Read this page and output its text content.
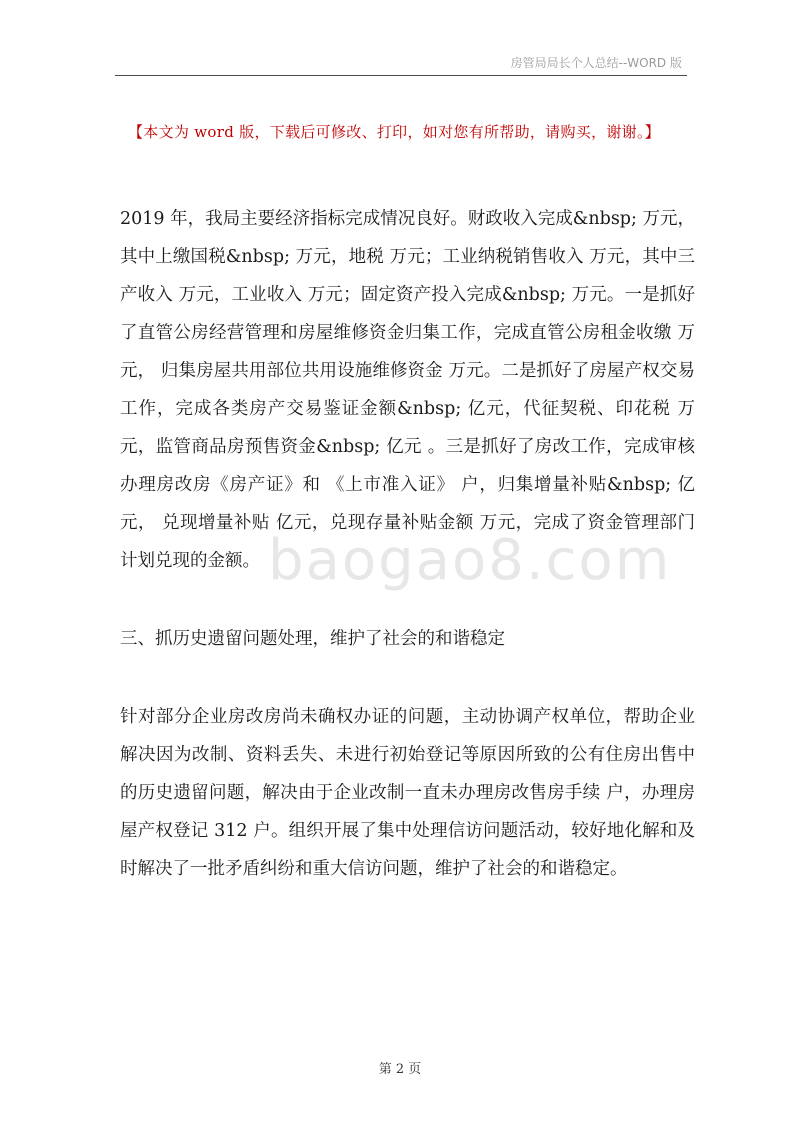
房管局局长个人总结--WORD 版
【本文为 word 版，下载后可修改、打印，如对您有所帮助，请购买，谢谢。】
baogao8.com

2019 年，我局主要经济指标完成情况良好。财政收入完成&nbsp; 万元，其中上缴国税&nbsp; 万元，地税 万元；工业纳税销售收入 万元，其中三产收入 万元，工业收入 万元；固定资产投入完成&nbsp; 万元。一是抓好了直管公房经营管理和房屋维修资金归集工作，完成直管公房租金收缴 万元， 归集房屋共用部位共用设施维修资金 万元。二是抓好了房屋产权交易工作，完成各类房产交易鉴证金额&nbsp; 亿元，代征契税、印花税 万元，监管商品房预售资金&nbsp; 亿元 。三是抓好了房改工作，完成审核办理房改房《房产证》和 《上市准入证》 户，归集增量补贴&nbsp; 亿元， 兑现增量补贴 亿元，兑现存量补贴金额 万元，完成了资金管理部门计划兑现的金额。

三、抓历史遗留问题处理，维护了社会的和谐稳定

针对部分企业房改房尚未确权办证的问题，主动协调产权单位，帮助企业解决因为改制、资料丢失、未进行初始登记等原因所致的公有住房出售中的历史遗留问题，解决由于企业改制一直未办理房改售房手续 户，办理房屋产权登记 312 户。组织开展了集中处理信访问题活动，较好地化解和及时解决了一批矛盾纠纷和重大信访问题，维护了社会的和谐稳定。

第 2 页
